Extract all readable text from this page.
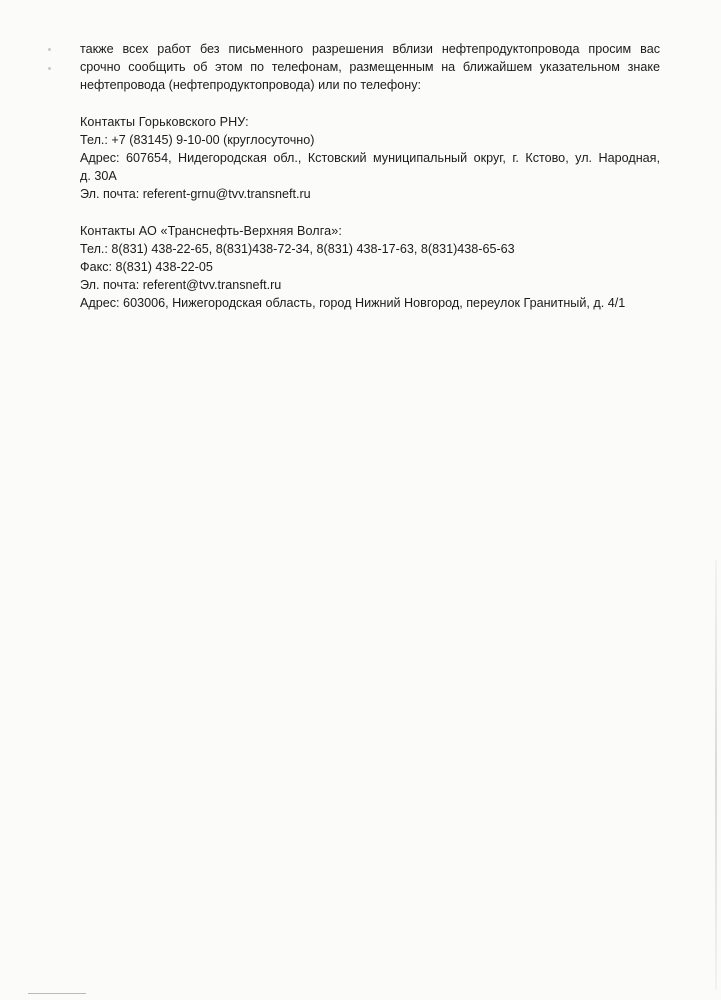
также всех работ без письменного разрешения вблизи нефтепродуктопровода просим вас
срочно сообщить об этом по телефонам, размещенным на ближайшем указательном знаке
нефтепровода (нефтепродуктопровода) или по телефону:

Контакты Горьковского РНУ:

Тел.: +7 (83145) 9-10-00 (круглосуточно)

Адрес: 607654, Нидегородская обл., Кстовский муниципальный округ, г. Кстово, ул. Народная,

д. 30А

Эл. почта: referent-grnu@tvv.transneft.ru

Контакты АО «Транснефть-Верхняя Волга»:

Тел.: 8(831) 438-22-65, 8(831)438-72-34, 8(831) 438-17-63, 8(831)438-65-63

Факс: 8(831) 438-22-05

Эл. почта: referent@tvv.transneft.ru

Адрес: 603006, Нижегородская область, город Нижний Новгород, переулок Гранитный, д. 4/1
